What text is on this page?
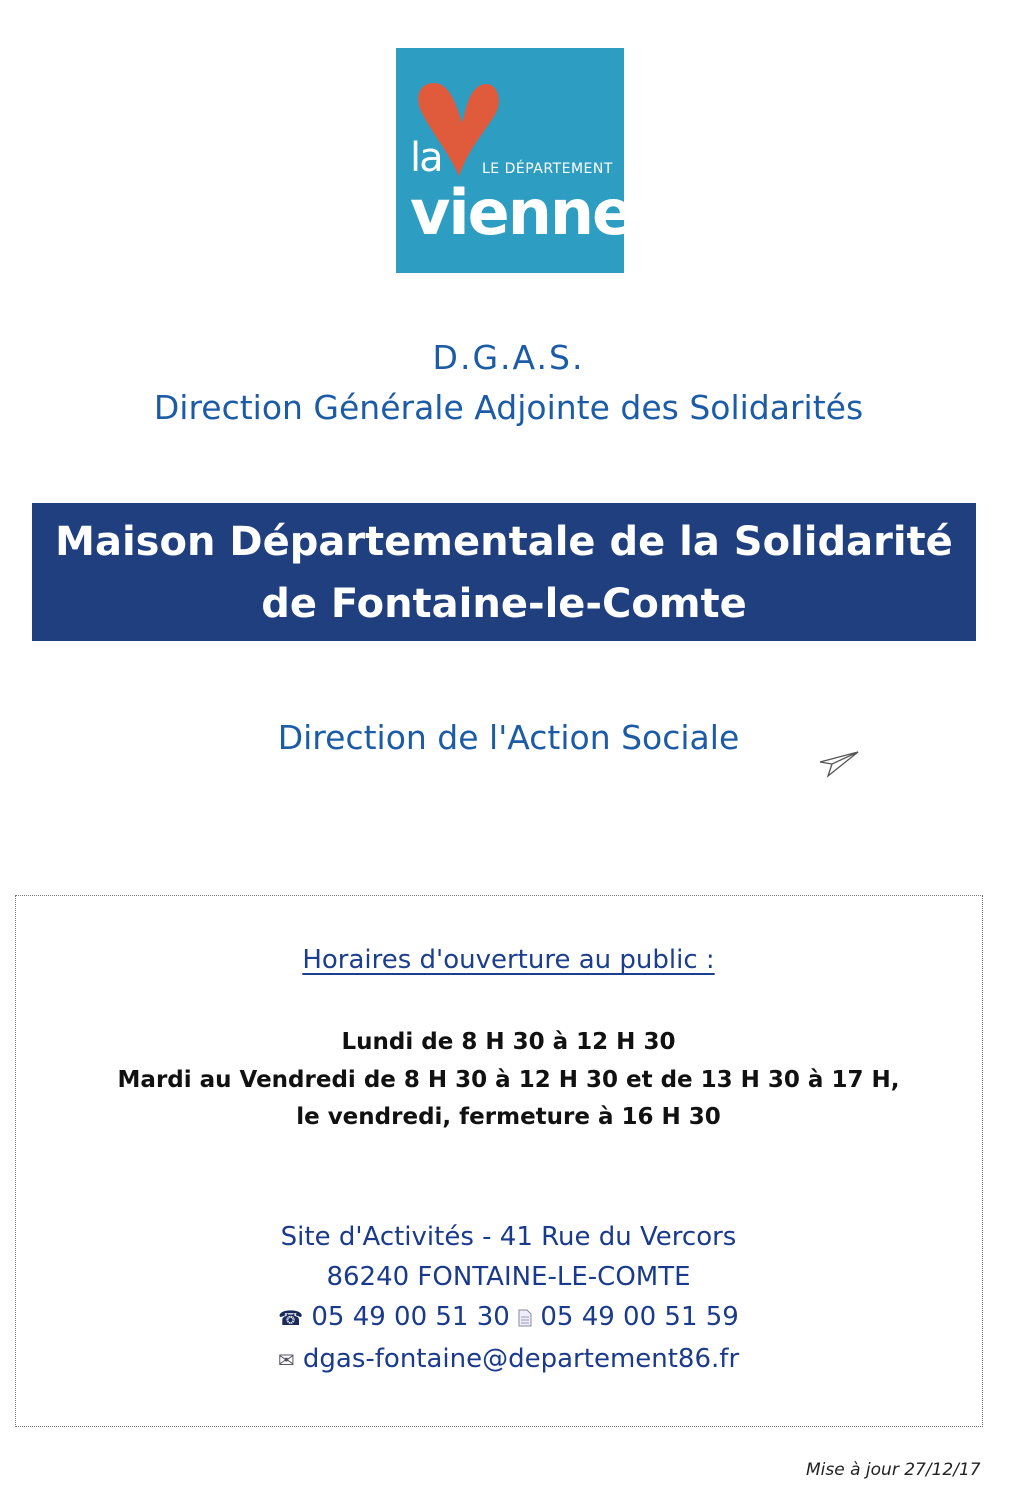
la	LE DÉPARTEMENT
vienne
D.G.A.S.
Direction Générale Adjointe des Solidarités
Maison Départementale de la Solidarité
de Fontaine-le-Comte
Direction de l'Action Sociale
Horaires d'ouverture au public :
Lundi de 8 H 30 à 12 H 30
Mardi au Vendredi de 8 H 30 à 12 H 30 et de 13 H 30 à 17 H,
le vendredi, fermeture à 16 H 30
Site d'Activités - 41 Rue du Vercors
86240 FONTAINE-LE-COMTE
☎ 05 49 00 51 30 05 49 00 51 59
✉ dgas-fontaine@departement86.fr
Mise à jour 27/12/17
